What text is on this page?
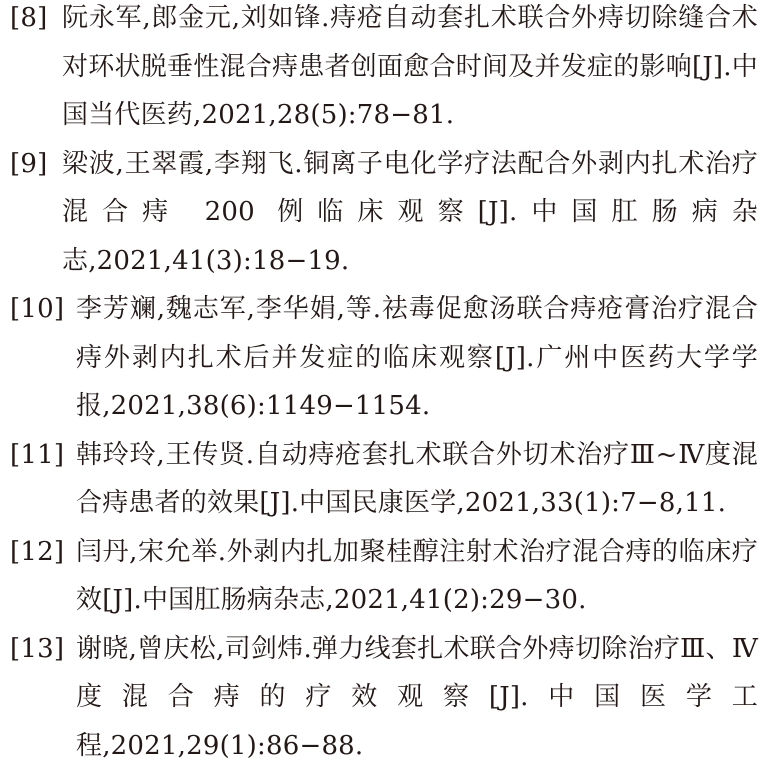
[8] 阮永军,郎金元,刘如锋.痔疮自动套扎术联合外痔切除缝合术对环状脱垂性混合痔患者创面愈合时间及并发症的影响[J].中国当代医药,2021,28(5):78−81.
[9] 梁波,王翠霞,李翔飞.铜离子电化学疗法配合外剥内扎术治疗混合痔 200 例临床观察[J].中国肛肠病杂志,2021,41(3):18−19.
[10] 李芳斓,魏志军,李华娟,等.祛毒促愈汤联合痔疮膏治疗混合痔外剥内扎术后并发症的临床观察[J].广州中医药大学学报,2021,38(6):1149−1154.
[11] 韩玲玲,王传贤.自动痔疮套扎术联合外切术治疗Ⅲ~Ⅳ度混合痔患者的效果[J].中国民康医学,2021,33(1):7−8,11.
[12] 闫丹,宋允举.外剥内扎加聚桂醇注射术治疗混合痔的临床疗效[J].中国肛肠病杂志,2021,41(2):29−30.
[13] 谢晓,曾庆松,司剑炜.弹力线套扎术联合外痔切除治疗Ⅲ、Ⅳ度混合痔的疗效观察[J].中国医学工程,2021,29(1):86−88.
